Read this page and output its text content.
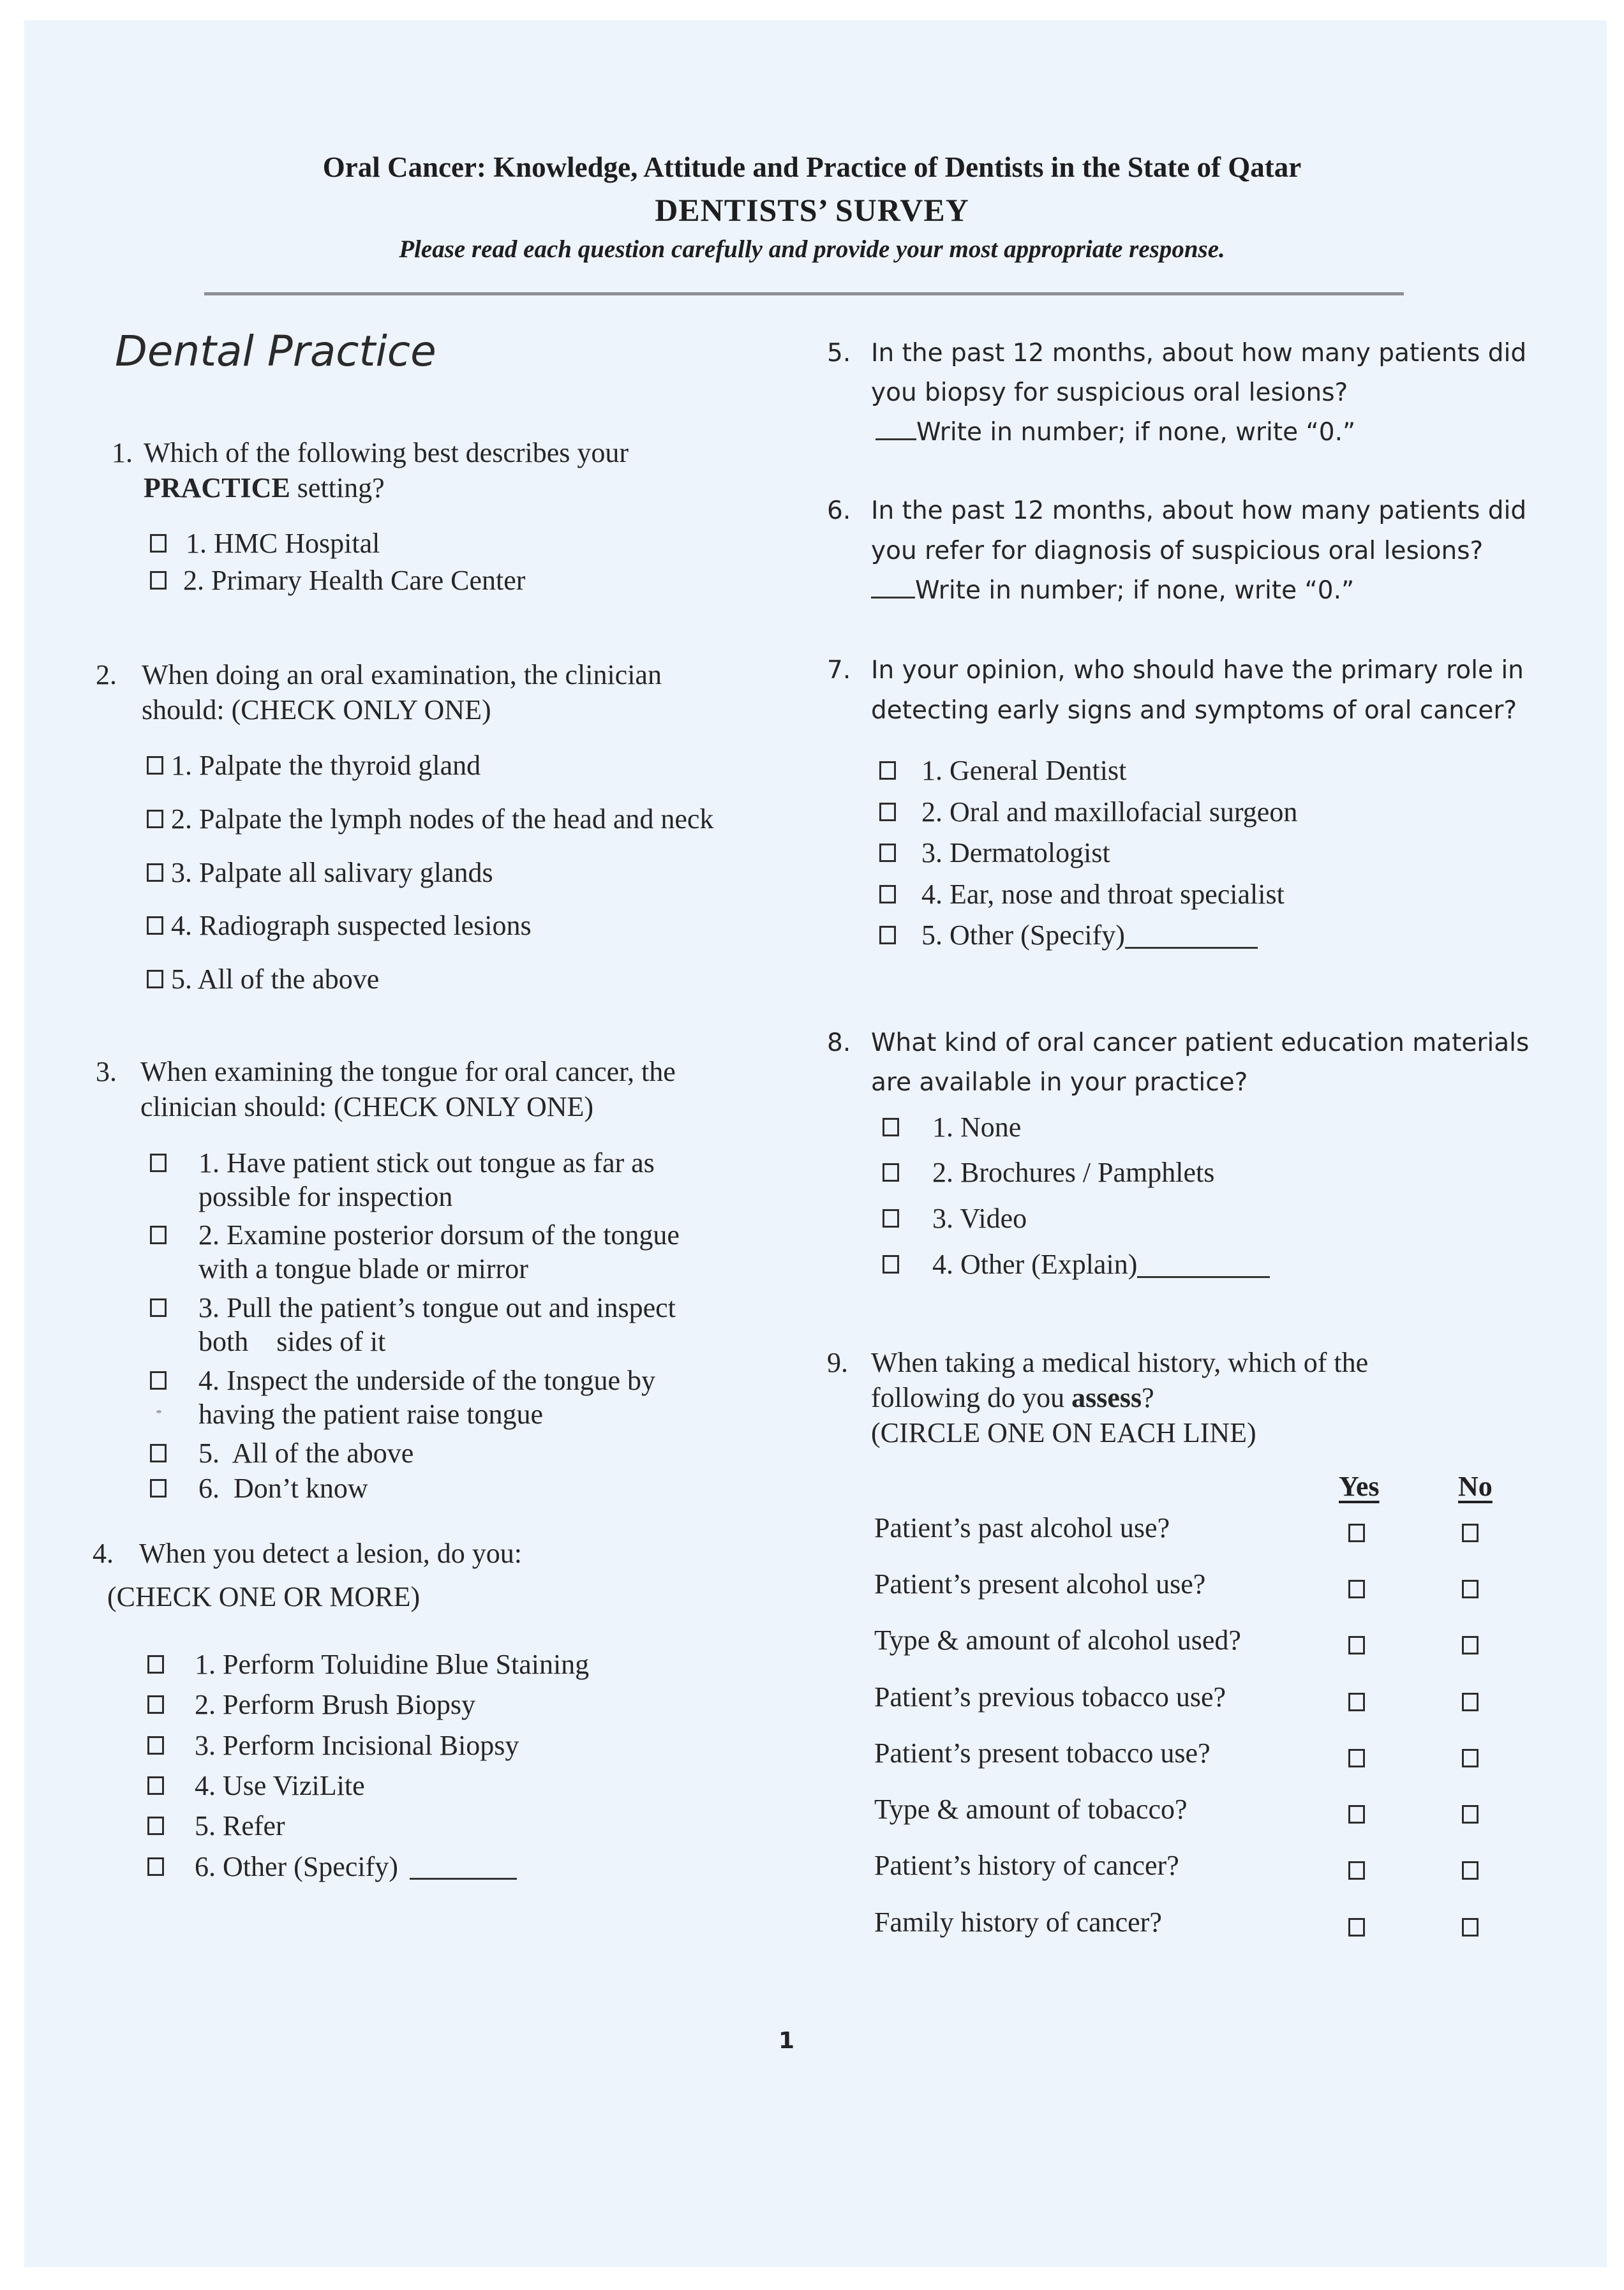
Oral Cancer: Knowledge, Attitude and Practice of Dentists in the State of Qatar
DENTISTS’ SURVEY
Please read each question carefully and provide your most appropriate response.
Dental Practice
1. Which of the following best describes your
PRACTICE setting?
1. HMC Hospital
2. Primary Health Care Center
2. When doing an oral examination, the clinician
should: (CHECK ONLY ONE)
1. Palpate the thyroid gland
2. Palpate the lymph nodes of the head and neck
3. Palpate all salivary glands
4. Radiograph suspected lesions
5. All of the above
3. When examining the tongue for oral cancer, the
clinician should: (CHECK ONLY ONE)
1. Have patient stick out tongue as far as
possible for inspection
2. Examine posterior dorsum of the tongue
with a tongue blade or mirror
3. Pull the patient’s tongue out and inspect
both    sides of it
4. Inspect the underside of the tongue by
having the patient raise tongue
5.  All of the above
6.  Don’t know
4. When you detect a lesion, do you:
(CHECK ONE OR MORE)
1. Perform Toluidine Blue Staining
2. Perform Brush Biopsy
3. Perform Incisional Biopsy
4. Use ViziLite
5. Refer
6. Other (Specify)
5. In the past 12 months, about how many patients did
you biopsy for suspicious oral lesions?
Write in number; if none, write “0.”
6. In the past 12 months, about how many patients did
you refer for diagnosis of suspicious oral lesions?
Write in number; if none, write “0.”
7. In your opinion, who should have the primary role in
detecting early signs and symptoms of oral cancer?
1. General Dentist
2. Oral and maxillofacial surgeon
3. Dermatologist
4. Ear, nose and throat specialist
5. Other (Specify)
8. What kind of oral cancer patient education materials
are available in your practice?
1. None
2. Brochures / Pamphlets
3. Video
4. Other (Explain)
9. When taking a medical history, which of the
following do you assess?
(CIRCLE ONE ON EACH LINE)
Yes	No
Patient’s past alcohol use?
Patient’s present alcohol use?
Type & amount of alcohol used?
Patient’s previous tobacco use?
Patient’s present tobacco use?
Type & amount of tobacco?
Patient’s history of cancer?
Family history of cancer?
1
